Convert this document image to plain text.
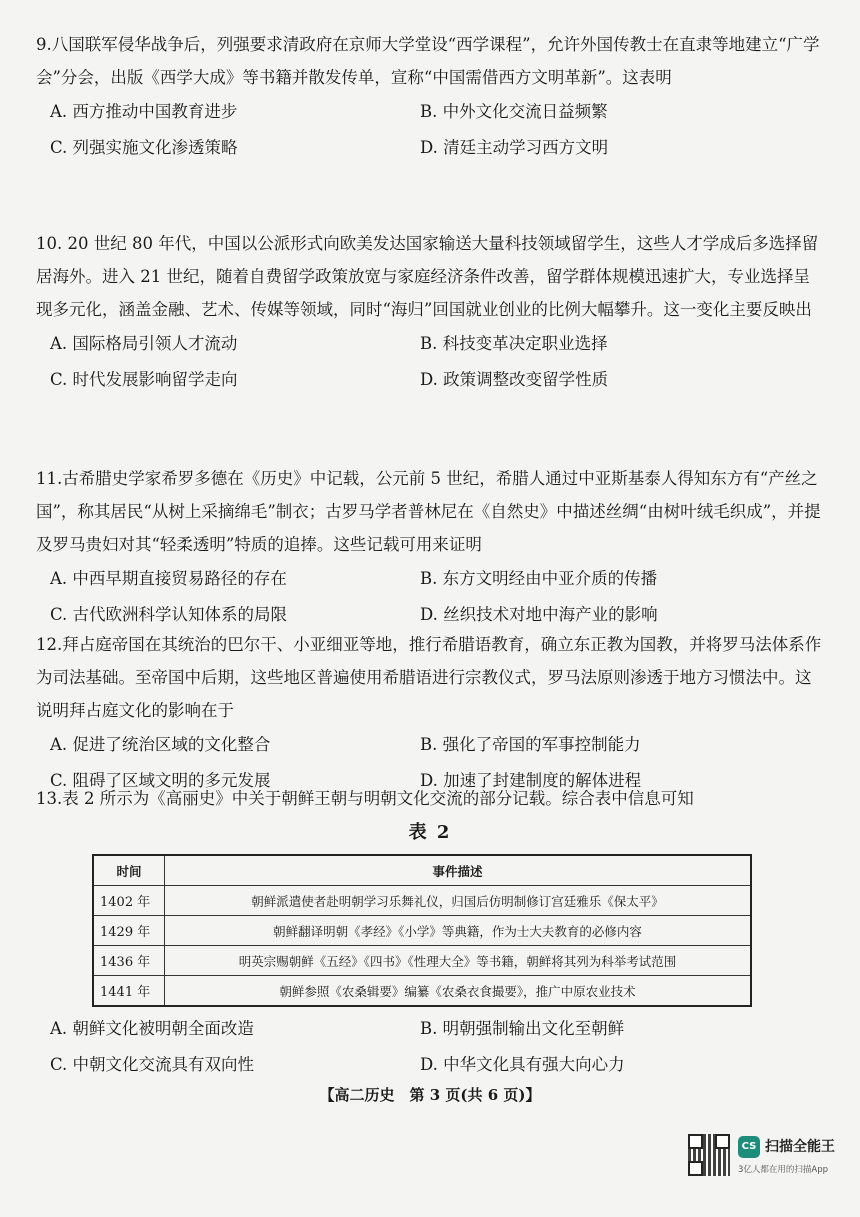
9.八国联军侵华战争后，列强要求清政府在京师大学堂设“西学课程”，允许外国传教士在直隶等地建立“广学会”分会，出版《西学大成》等书籍并散发传单，宣称“中国需借西方文明革新”。这表明

A. 西方推动中国教育进步	B. 中外文化交流日益频繁
C. 列强实施文化渗透策略	D. 清廷主动学习西方文明

10. 20 世纪 80 年代，中国以公派形式向欧美发达国家输送大量科技领域留学生，这些人才学成后多选择留居海外。进入 21 世纪，随着自费留学政策放宽与家庭经济条件改善，留学群体规模迅速扩大，专业选择呈现多元化，涵盖金融、艺术、传媒等领域，同时“海归”回国就业创业的比例大幅攀升。这一变化主要反映出

A. 国际格局引领人才流动	B. 科技变革决定职业选择
C. 时代发展影响留学走向	D. 政策调整改变留学性质

11.古希腊史学家希罗多德在《历史》中记载，公元前 5 世纪，希腊人通过中亚斯基泰人得知东方有“产丝之国”，称其居民“从树上采摘绵毛”制衣；古罗马学者普林尼在《自然史》中描述丝绸“由树叶绒毛织成”，并提及罗马贵妇对其“轻柔透明”特质的追捧。这些记载可用来证明

A. 中西早期直接贸易路径的存在	B. 东方文明经由中亚介质的传播
C. 古代欧洲科学认知体系的局限	D. 丝织技术对地中海产业的影响

12.拜占庭帝国在其统治的巴尔干、小亚细亚等地，推行希腊语教育，确立东正教为国教，并将罗马法体系作为司法基础。至帝国中后期，这些地区普遍使用希腊语进行宗教仪式，罗马法原则渗透于地方习惯法中。这说明拜占庭文化的影响在于

A. 促进了统治区域的文化整合	B. 强化了帝国的军事控制能力
C. 阻碍了区域文明的多元发展	D. 加速了封建制度的解体进程

13.表 2 所示为《高丽史》中关于朝鲜王朝与明朝文化交流的部分记载。综合表中信息可知

表 2
时间	事件描述
1402 年	朝鲜派遣使者赴明朝学习乐舞礼仪，归国后仿明制修订宫廷雅乐《保太平》
1429 年	朝鲜翻译明朝《孝经》《小学》等典籍，作为士大夫教育的必修内容
1436 年	明英宗赐朝鲜《五经》《四书》《性理大全》等书籍，朝鲜将其列为科举考试范围
1441 年	朝鲜参照《农桑辑要》编纂《农桑衣食撮要》，推广中原农业技术
A. 朝鲜文化被明朝全面改造	B. 明朝强制输出文化至朝鲜
C. 中朝文化交流具有双向性	D. 中华文化具有强大向心力
【高二历史　第 3 页(共 6 页)】
CS 扫描全能王
3亿人都在用的扫描App
